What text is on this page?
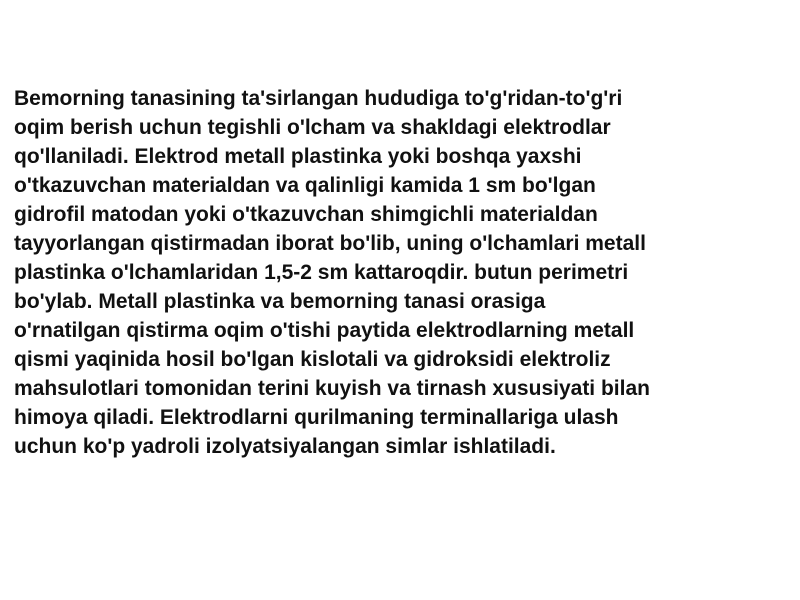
Bemorning tanasining ta'sirlangan hududiga to'g'ridan-to'g'ri
oqim berish uchun tegishli o'lcham va shakldagi elektrodlar
qo'llaniladi. Elektrod metall plastinka yoki boshqa yaxshi
o'tkazuvchan materialdan va qalinligi kamida 1 sm bo'lgan
gidrofil matodan yoki o'tkazuvchan shimgichli materialdan
tayyorlangan qistirmadan iborat bo'lib, uning o'lchamlari metall
plastinka o'lchamlaridan 1,5-2 sm kattaroqdir. butun perimetri
bo'ylab. Metall plastinka va bemorning tanasi orasiga
o'rnatilgan qistirma oqim o'tishi paytida elektrodlarning metall
qismi yaqinida hosil bo'lgan kislotali va gidroksidi elektroliz
mahsulotlari tomonidan terini kuyish va tirnash xususiyati bilan
himoya qiladi. Elektrodlarni qurilmaning terminallariga ulash
uchun ko'p yadroli izolyatsiyalangan simlar ishlatiladi.
